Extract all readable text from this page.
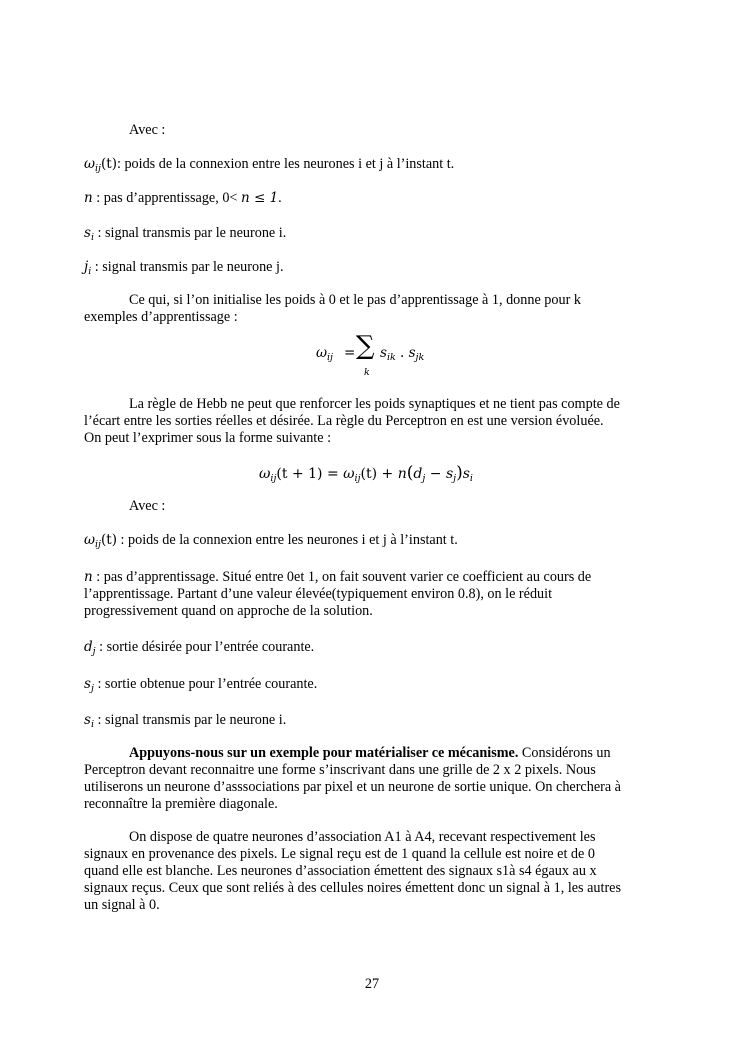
Avec :
$\omega_{ij}(t)$: poids de la connexion entre les neurones i et j à l’instant t.
n : pas d’apprentissage, 0< n ≤ 1.
$s_i$ : signal transmis par le neurone i.
$j_i$ : signal transmis par le neurone j.
Ce qui, si l’on initialise les poids à 0 et le pas d’apprentissage à 1, donne pour k
exemples d’apprentissage :
$\omega_{ij}$ = ∑
k
$s_{ik}$ . $s_{jk}$
La règle de Hebb ne peut que renforcer les poids synaptiques et ne tient pas compte de
l’écart entre les sorties réelles et désirée. La règle du Perceptron en est une version évoluée.
On peut l’exprimer sous la forme suivante :
$\omega_{ij}(t + 1) = \omega_{ij}(t) + n(d_j - s_j)s_i$
Avec :
$\omega_{ij}(t)$ : poids de la connexion entre les neurones i et j à l’instant t.
n : pas d’apprentissage. Situé entre 0et 1, on fait souvent varier ce coefficient au cours de
l’apprentissage. Partant d’une valeur élevée(typiquement environ 0.8), on le réduit
progressivement quand on approche de la solution.
$d_j$ : sortie désirée pour l’entrée courante.
$s_j$ : sortie obtenue pour l’entrée courante.
$s_i$ : signal transmis par le neurone i.
Appuyons-nous sur un exemple pour matérialiser ce mécanisme. Considérons un
Perceptron devant reconnaitre une forme s’inscrivant dans une grille de 2 x 2 pixels. Nous
utiliserons un neurone d’asssociations par pixel et un neurone de sortie unique. On cherchera à
reconnaître la première diagonale.
On dispose de quatre neurones d’association A1 à A4, recevant respectivement les
signaux en provenance des pixels. Le signal reçu est de 1 quand la cellule est noire et de 0
quand elle est blanche. Les neurones d’association émettent des signaux s1à s4 égaux au x
signaux reçus. Ceux que sont reliés à des cellules noires émettent donc un signal à 1, les autres
un signal à 0.
27
